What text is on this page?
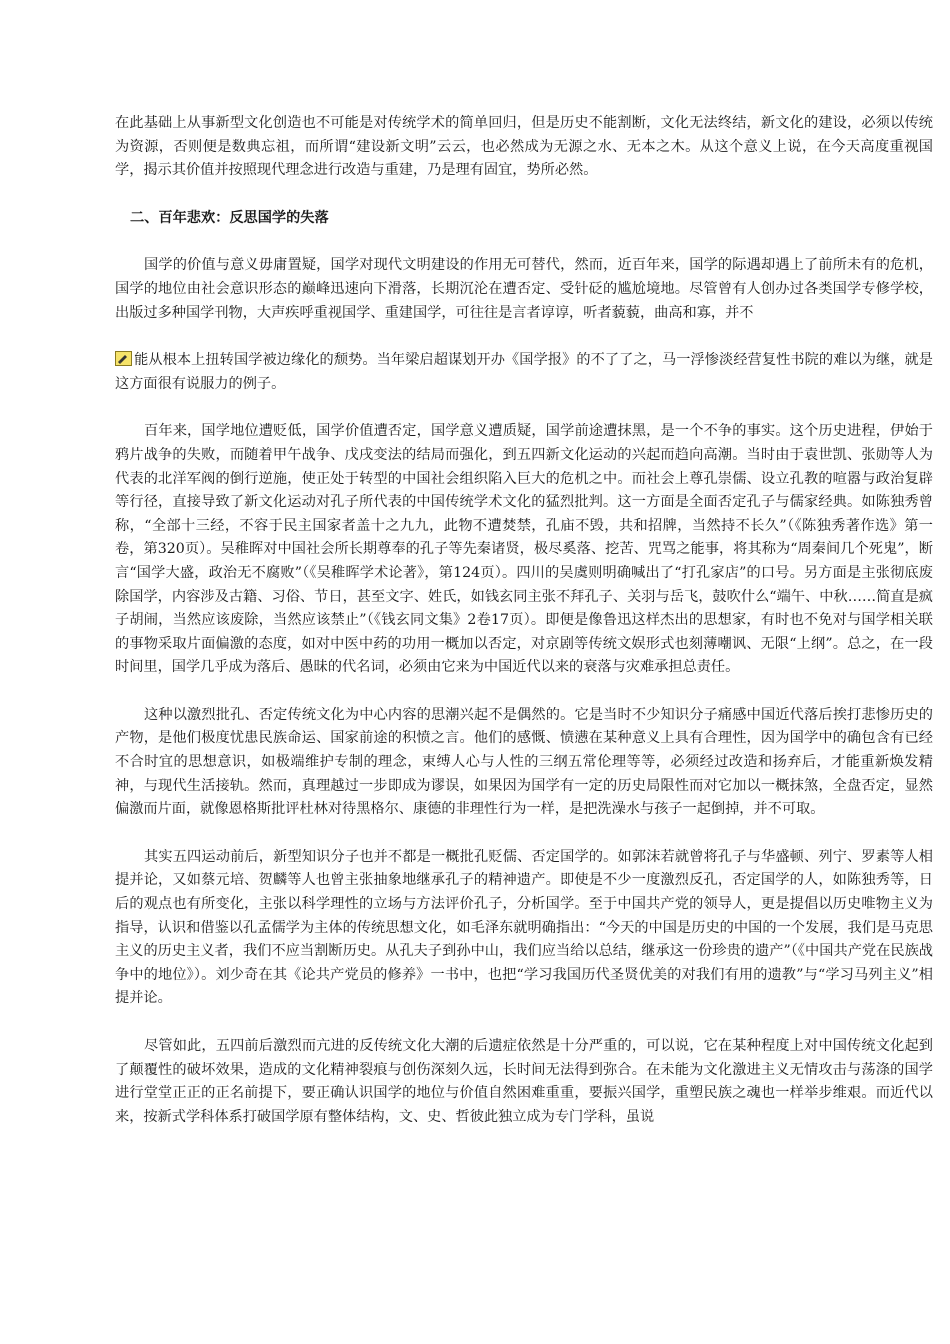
在此基础上从事新型文化创造也不可能是对传统学术的简单回归，但是历史不能割断，文化无法终结，新文化的建设，必须以传统为资源，否则便是数典忘祖，而所谓“建设新文明”云云，也必然成为无源之水、无本之木。从这个意义上说，在今天高度重视国学，揭示其价值并按照现代理念进行改造与重建，乃是理有固宜，势所必然。

二、百年悲欢：反思国学的失落

国学的价值与意义毋庸置疑，国学对现代文明建设的作用无可替代，然而，近百年来，国学的际遇却遇上了前所未有的危机，国学的地位由社会意识形态的巅峰迅速向下滑落，长期沉沦在遭否定、受针砭的尴尬境地。尽管曾有人创办过各类国学专修学校，出版过多种国学刊物，大声疾呼重视国学、重建国学，可往往是言者谆谆，听者藐藐，曲高和寡，并不

能从根本上扭转国学被边缘化的颓势。当年梁启超谋划开办《国学报》的不了了之，马一浮惨淡经营复性书院的难以为继，就是这方面很有说服力的例子。

百年来，国学地位遭贬低，国学价值遭否定，国学意义遭质疑，国学前途遭抹黑，是一个不争的事实。这个历史进程，伊始于鸦片战争的失败，而随着甲午战争、戊戌变法的结局而强化，到五四新文化运动的兴起而趋向高潮。当时由于袁世凯、张勋等人为代表的北洋军阀的倒行逆施，使正处于转型的中国社会组织陷入巨大的危机之中。而社会上尊孔崇儒、设立孔教的喧嚣与政治复辟等行径，直接导致了新文化运动对孔子所代表的中国传统学术文化的猛烈批判。这一方面是全面否定孔子与儒家经典。如陈独秀曾称，“全部十三经，不容于民主国家者盖十之九九，此物不遭焚禁，孔庙不毁，共和招牌，当然持不长久”（《陈独秀著作选》第一卷，第320页）。吴稚晖对中国社会所长期尊奉的孔子等先秦诸贤，极尽奚落、挖苦、咒骂之能事，将其称为“周秦间几个死鬼”，断言“国学大盛，政治无不腐败”（《吴稚晖学术论著》，第124页）。四川的吴虞则明确喊出了“打孔家店”的口号。另方面是主张彻底废除国学，内容涉及古籍、习俗、节日，甚至文字、姓氏，如钱玄同主张不拜孔子、关羽与岳飞，鼓吹什么“端午、中秋……简直是疯子胡闹，当然应该废除，当然应该禁止”（《钱玄同文集》2卷17页）。即便是像鲁迅这样杰出的思想家，有时也不免对与国学相关联的事物采取片面偏激的态度，如对中医中药的功用一概加以否定，对京剧等传统文娱形式也刻薄嘲讽、无限“上纲”。总之，在一段时间里，国学几乎成为落后、愚昧的代名词，必须由它来为中国近代以来的衰落与灾难承担总责任。

这种以激烈批孔、否定传统文化为中心内容的思潮兴起不是偶然的。它是当时不少知识分子痛感中国近代落后挨打悲惨历史的产物，是他们极度忧患民族命运、国家前途的积愤之言。他们的感慨、愤懑在某种意义上具有合理性，因为国学中的确包含有已经不合时宜的思想意识，如极端维护专制的理念，束缚人心与人性的三纲五常伦理等等，必须经过改造和扬弃后，才能重新焕发精神，与现代生活接轨。然而，真理越过一步即成为谬误，如果因为国学有一定的历史局限性而对它加以一概抹煞，全盘否定，显然偏激而片面，就像恩格斯批评杜林对待黑格尔、康德的非理性行为一样，是把洗澡水与孩子一起倒掉，并不可取。

其实五四运动前后，新型知识分子也并不都是一概批孔贬儒、否定国学的。如郭沫若就曾将孔子与华盛顿、列宁、罗素等人相提并论，又如蔡元培、贺麟等人也曾主张抽象地继承孔子的精神遗产。即使是不少一度激烈反孔，否定国学的人，如陈独秀等，日后的观点也有所变化，主张以科学理性的立场与方法评价孔子，分析国学。至于中国共产党的领导人，更是提倡以历史唯物主义为指导，认识和借鉴以孔孟儒学为主体的传统思想文化，如毛泽东就明确指出：“今天的中国是历史的中国的一个发展，我们是马克思主义的历史主义者，我们不应当割断历史。从孔夫子到孙中山，我们应当给以总结，继承这一份珍贵的遗产”（《中国共产党在民族战争中的地位》）。刘少奇在其《论共产党员的修养》一书中，也把“学习我国历代圣贤优美的对我们有用的遗教”与“学习马列主义”相提并论。

尽管如此，五四前后激烈而亢进的反传统文化大潮的后遗症依然是十分严重的，可以说，它在某种程度上对中国传统文化起到了颠覆性的破坏效果，造成的文化精神裂痕与创伤深刻久远，长时间无法得到弥合。在未能为文化激进主义无情攻击与荡涤的国学进行堂堂正正的正名前提下，要正确认识国学的地位与价值自然困难重重，要振兴国学，重塑民族之魂也一样举步维艰。而近代以来，按新式学科体系打破国学原有整体结构，文、史、哲彼此独立成为专门学科，虽说
